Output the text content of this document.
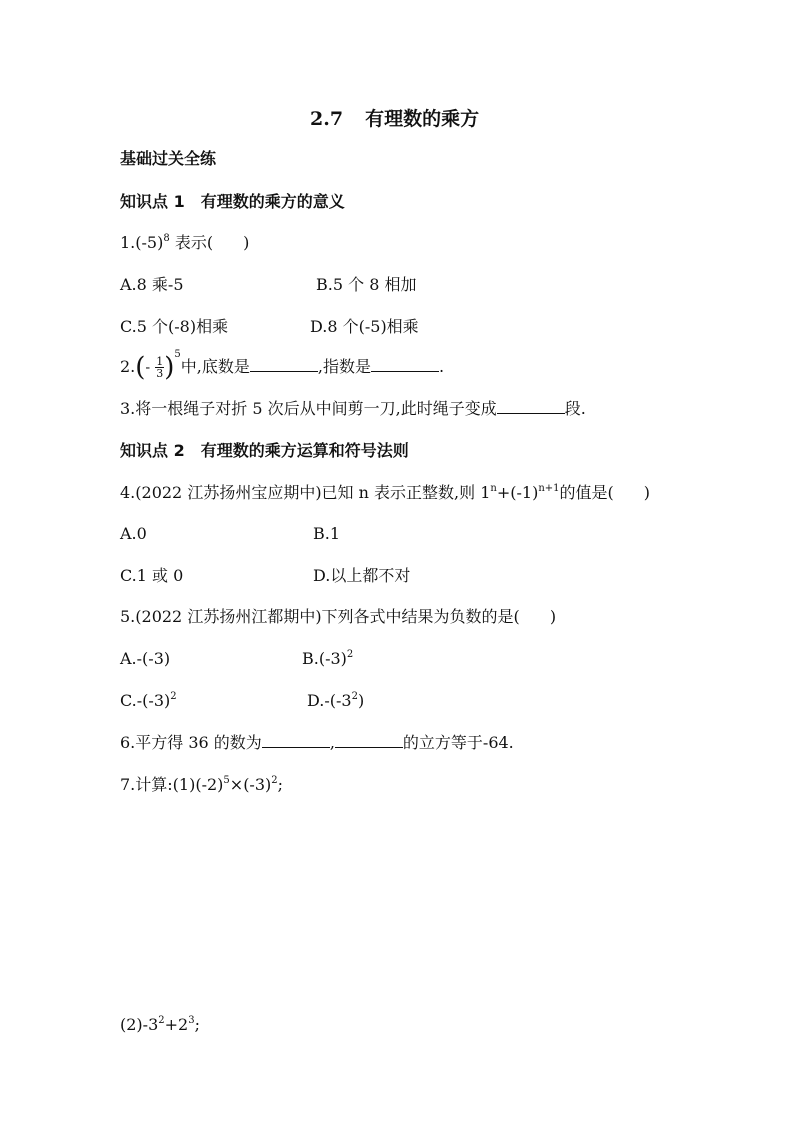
2.7 有理数的乘方
基础过关全练
知识点 1　有理数的乘方的意义
$1.(-5)^8$ 表示( )
A.8 乘-5	B.5 个 8 相加
C.5 个(-8)相乘	D.8 个(-5)相乘
$2.(- \frac{1}{3} )^5$中,底数是	,指数是	.
3.将一根绳子对折 5 次后从中间剪一刀,此时绳子变成	段.
知识点 2　有理数的乘方运算和符号法则
4.(2022 江苏扬州宝应期中)已知 n 表示正整数,则 $1^n+(-1)^{n+1}$的值是( )
A.0	B.1
C.1 或 0	D.以上都不对
5.(2022 江苏扬州江都期中)下列各式中结果为负数的是( )
A.-(-3)	$B.(-3)^2$
$C.-(-3)^2$	$D.-(-3^2)$
6.平方得 36 的数为	,	的立方等于-64.
7.计算$:(1)(-2)^5\times(-3)^2$;
$(2)-3^2+2^3$;
